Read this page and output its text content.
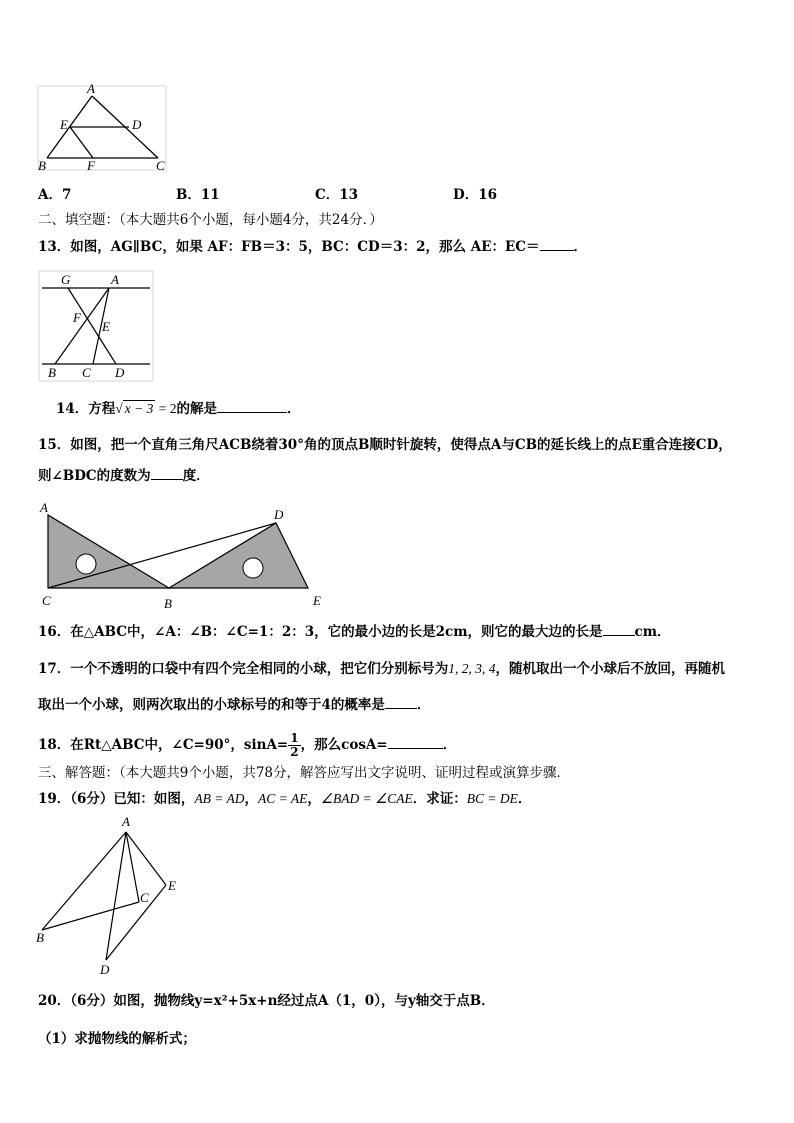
A
E	D
B	F	C
A．7	B．11	C．13	D．16
二、填空题：（本大题共6个小题，每小题4分，共24分．）
13．如图，AG∥BC，如果 AF：FB＝3：5，BC：CD＝3：2，那么 AE：EC＝	．
G	A
F
E
B C D
14．方程√ x − 3 = 2的解是	．
15．如图，把一个直角三角尺ACB绕着30°角的顶点B顺时针旋转，使得点A与CB的延长线上的点E重合连接CD，
则∠BDC的度数为 度．
A	D
C	B	E
16．在△ABC中，∠A：∠B：∠C=1：2：3，它的最小边的长是2cm，则它的最大边的长是 cm．
17．一个不透明的口袋中有四个完全相同的小球，把它们分别标号为1, 2, 3, 4，随机取出一个小球后不放回，再随机
取出一个小球，则两次取出的小球标号的和等于4的概率是 ．
18．在Rt△ABC中，∠C=90°，$\sin A= \frac{1}{2}$ ，那么cosA=	．
三、解答题：（本大题共9个小题，共78分，解答应写出文字说明、证明过程或演算步骤．
19．（6分）已知：如图，AB = AD，AC = AE，∠BAD = ∠CAE．求证：BC = DE．
A
C
E
B
D
20．（6分）如图，抛物线y=x²+5x+n经过点A（1，0），与y轴交于点B．
（1）求抛物线的解析式；
